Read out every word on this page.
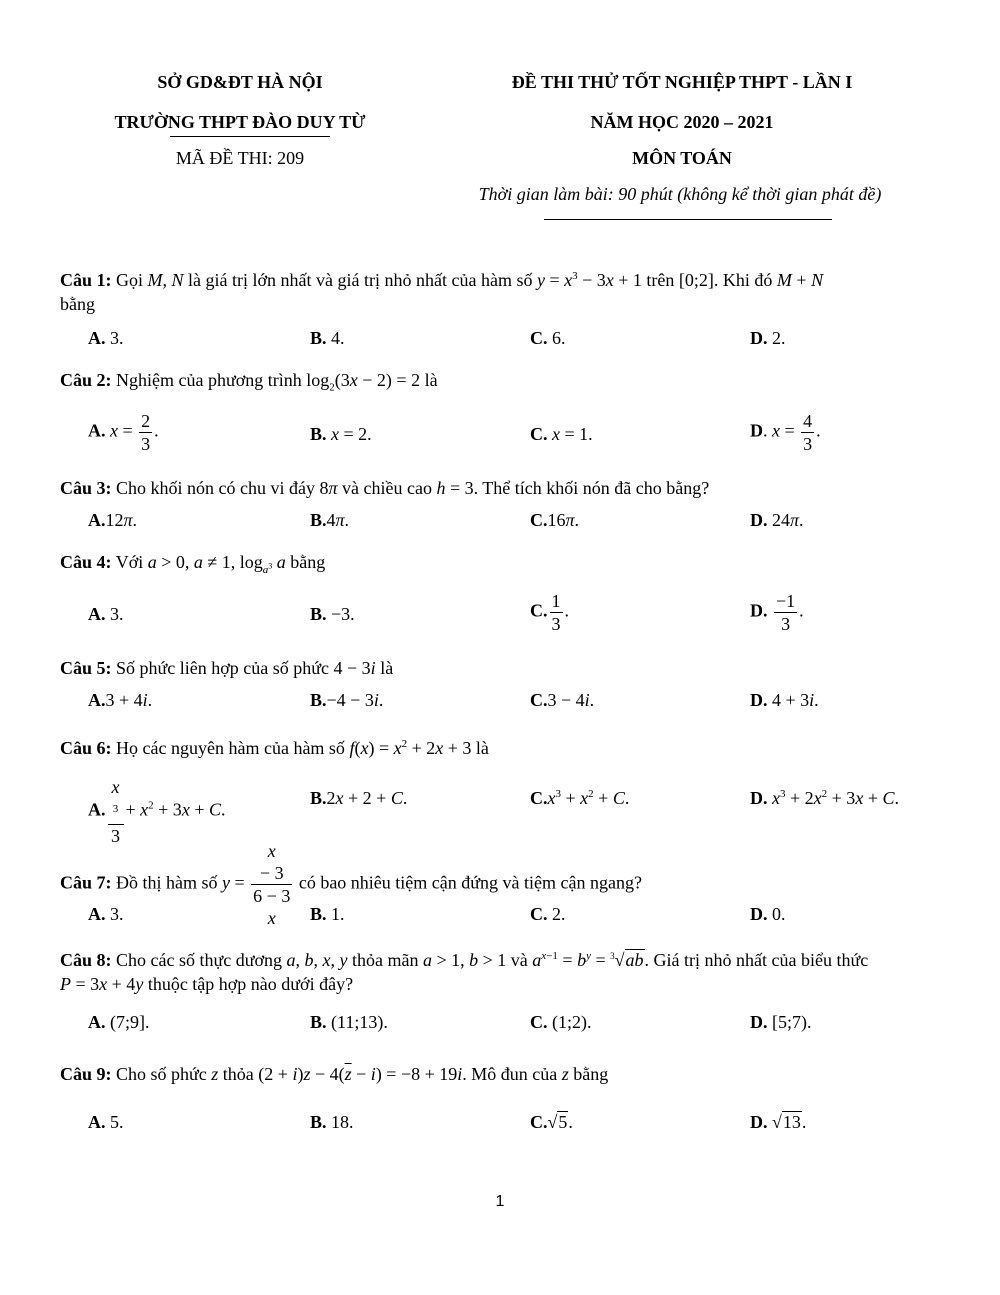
SỞ GD&ĐT HÀ NỘI
TRƯỜNG THPT ĐÀO DUY TỪ
MÃ ĐỀ THI: 209
ĐỀ THI THỬ TỐT NGHIỆP THPT - LẦN I
NĂM HỌC 2020 – 2021
MÔN TOÁN
Thời gian làm bài: 90 phút (không kể thời gian phát đề)
Câu 1: Gọi M, N là giá trị lớn nhất và giá trị nhỏ nhất của hàm số $y = x^3 - 3x + 1$ trên [0;2]. Khi đó M + N
bằng
A. 3.	B. 4.	C. 6.	D. 2.
Câu 2: Nghiệm của phương trình $\log_2(3x - 2) = 2$ là
A. $x = \frac{2}{3}$ .	B. x = 2.	C. x = 1.	D. $x = \frac{4}{3}$ .
Câu 3: Cho khối nón có chu vi đáy 8π và chiều cao h = 3. Thể tích khối nón đã cho bằng?
A.12π.	B.4π.	C.16π.	D. 24π.
Câu 4: Với a > 0, a ≠ 1, $\log_{a^3} a$ bằng
A. 3.	B. −3.	C. $\frac{1}{3}$ .	D. $\frac{-1}{3}$ .
Câu 5: Số phức liên hợp của số phức 4 − 3i là
A.3 + 4i.	B.−4 − 3i.	C.3 − 4i.	D. 4 + 3i.
Câu 6: Họ các nguyên hàm của hàm số $f(x) = x^2 + 2x + 3$ là
A. x
$^3$
$3 + x^2 + 3x + C$.
B.2x + 2 + C.	$C.x^3 + x^2 + C$.	D. $x^3 + 2x^2 + 3x + C$.
Câu 7: Đồ thị hàm số y = x
− 3
6 − 3
x có bao nhiêu tiệm cận đứng và tiệm cận ngang?
A. 3.	B. 1.	C. 2.	D. 0.
Câu 8: Cho các số thực dương a, b, x, y thỏa mãn a > 1, b > 1 và $a^{x-1} = b^y = ^3√ab$. Giá trị nhỏ nhất của biểu thức
P = 3x + 4y thuộc tập hợp nào dưới đây?
A. (7;9].	B. (11;13).	C. (1;2).	D. [5;7).
Câu 9: Cho số phức z thỏa $(2 + i)z - 4(\overline{z} - i) = -8 + 19i$. Mô đun của z bằng
A. 5.	B. 18.	C.√5.	D. √13.
1
